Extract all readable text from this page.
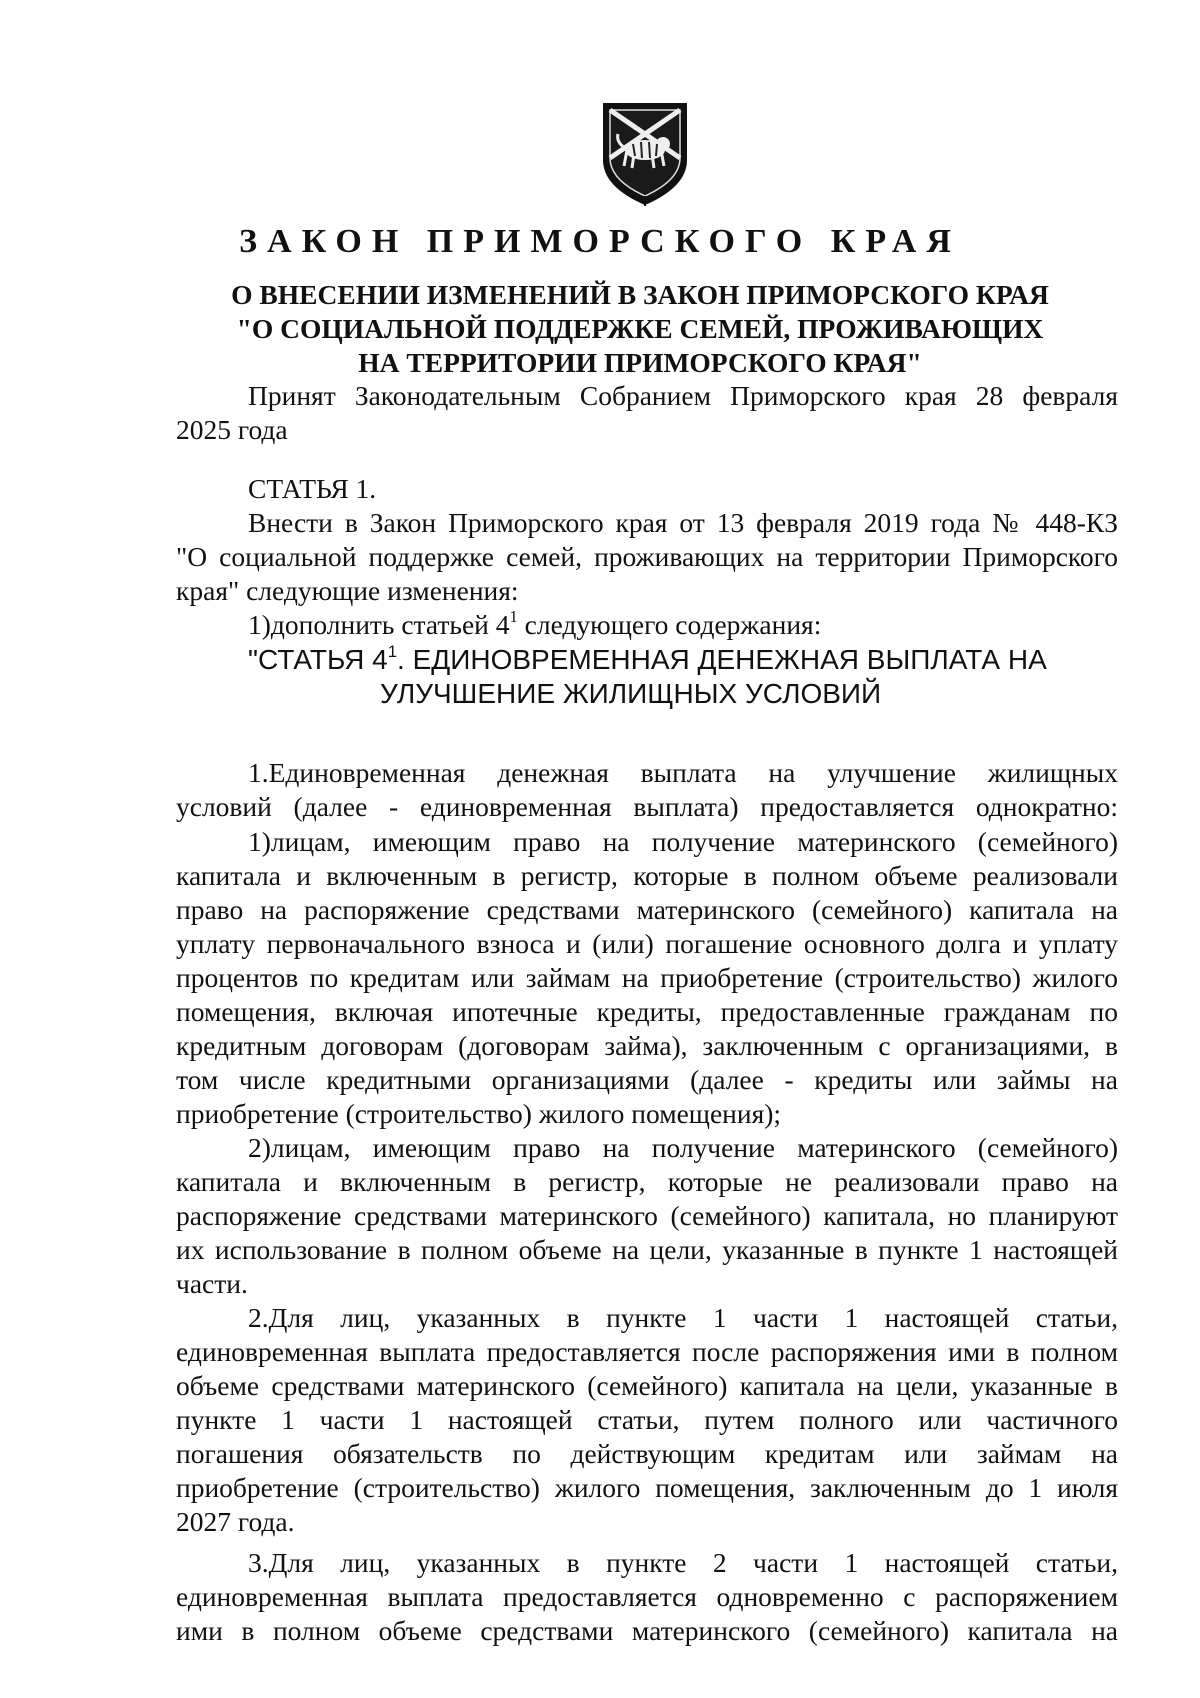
ЗАКОН ПРИМОРСКОГО КРАЯ
О ВНЕСЕНИИ ИЗМЕНЕНИЙ В ЗАКОН ПРИМОРСКОГО КРАЯ
"О СОЦИАЛЬНОЙ ПОДДЕРЖКЕ СЕМЕЙ, ПРОЖИВАЮЩИХ
НА ТЕРРИТОРИИ ПРИМОРСКОГО КРАЯ"
Принят Законодательным Собранием Приморского края 28 февраля
2025 года
СТАТЬЯ 1.
Внести в Закон Приморского края от 13 февраля 2019 года № 448-КЗ
"О социальной поддержке семей, проживающих на территории Приморского
края" следующие изменения:
1)дополнить статьей $4^1$ следующего содержания:
"СТАТЬЯ $4^1$. ЕДИНОВРЕМЕННАЯ ДЕНЕЖНАЯ ВЫПЛАТА НА
УЛУЧШЕНИЕ ЖИЛИЩНЫХ УСЛОВИЙ
1.Единовременная денежная выплата на улучшение жилищных
условий (далее - единовременная выплата) предоставляется однократно:
1)лицам, имеющим право на получение материнского (семейного)
капитала и включенным в регистр, которые в полном объеме реализовали
право на распоряжение средствами материнского (семейного) капитала на
уплату первоначального взноса и (или) погашение основного долга и уплату
процентов по кредитам или займам на приобретение (строительство) жилого
помещения, включая ипотечные кредиты, предоставленные гражданам по
кредитным договорам (договорам займа), заключенным с организациями, в
том числе кредитными организациями (далее - кредиты или займы на
приобретение (строительство) жилого помещения);
2)лицам, имеющим право на получение материнского (семейного)
капитала и включенным в регистр, которые не реализовали право на
распоряжение средствами материнского (семейного) капитала, но планируют
их использование в полном объеме на цели, указанные в пункте 1 настоящей
части.
2.Для лиц, указанных в пункте 1 части 1 настоящей статьи,
единовременная выплата предоставляется после распоряжения ими в полном
объеме средствами материнского (семейного) капитала на цели, указанные в
пункте 1 части 1 настоящей статьи, путем полного или частичного
погашения обязательств по действующим кредитам или займам на
приобретение (строительство) жилого помещения, заключенным до 1 июля
2027 года.
3.Для лиц, указанных в пункте 2 части 1 настоящей статьи,
единовременная выплата предоставляется одновременно с распоряжением
ими в полном объеме средствами материнского (семейного) капитала на
